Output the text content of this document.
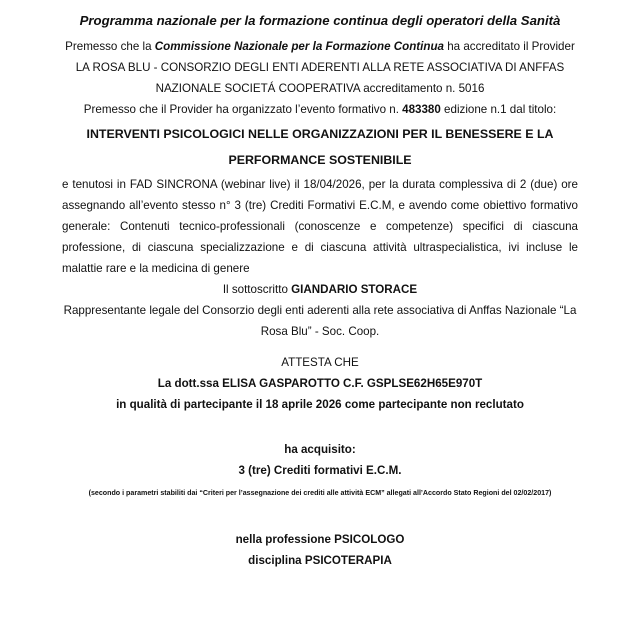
Programma nazionale per la formazione continua degli operatori della Sanità

Premesso che la Commissione Nazionale per la Formazione Continua ha accreditato il Provider LA ROSA BLU - CONSORZIO DEGLI ENTI ADERENTI ALLA RETE ASSOCIATIVA DI ANFFAS NAZIONALE SOCIETÁ COOPERATIVA accreditamento n. 5016

Premesso che il Provider ha organizzato l’evento formativo n. 483380 edizione n.1 dal titolo:

INTERVENTI PSICOLOGICI NELLE ORGANIZZAZIONI PER IL BENESSERE E LA PERFORMANCE SOSTENIBILE

e tenutosi in FAD SINCRONA (webinar live) il 18/04/2026, per la durata complessiva di 2 (due) ore assegnando all’evento stesso n° 3 (tre) Crediti Formativi E.C.M, e avendo come obiettivo formativo generale: Contenuti tecnico-professionali (conoscenze e competenze) specifici di ciascuna professione, di ciascuna specializzazione e di ciascuna attività ultraspecialistica, ivi incluse le malattie rare e la medicina di genere

Il sottoscritto GIANDARIO STORACE

Rappresentante legale del Consorzio degli enti aderenti alla rete associativa di Anffas Nazionale “La Rosa Blu” - Soc. Coop.

ATTESTA CHE

La dott.ssa ELISA GASPAROTTO C.F. GSPLSE62H65E970T

in qualità di partecipante il 18 aprile 2026 come partecipante non reclutato

ha acquisito:

3 (tre) Crediti formativi E.C.M.

(secondo i parametri stabiliti dai “Criteri per l’assegnazione dei crediti alle attività ECM” allegati all’Accordo Stato Regioni del 02/02/2017)

nella professione PSICOLOGO

disciplina PSICOTERAPIA
